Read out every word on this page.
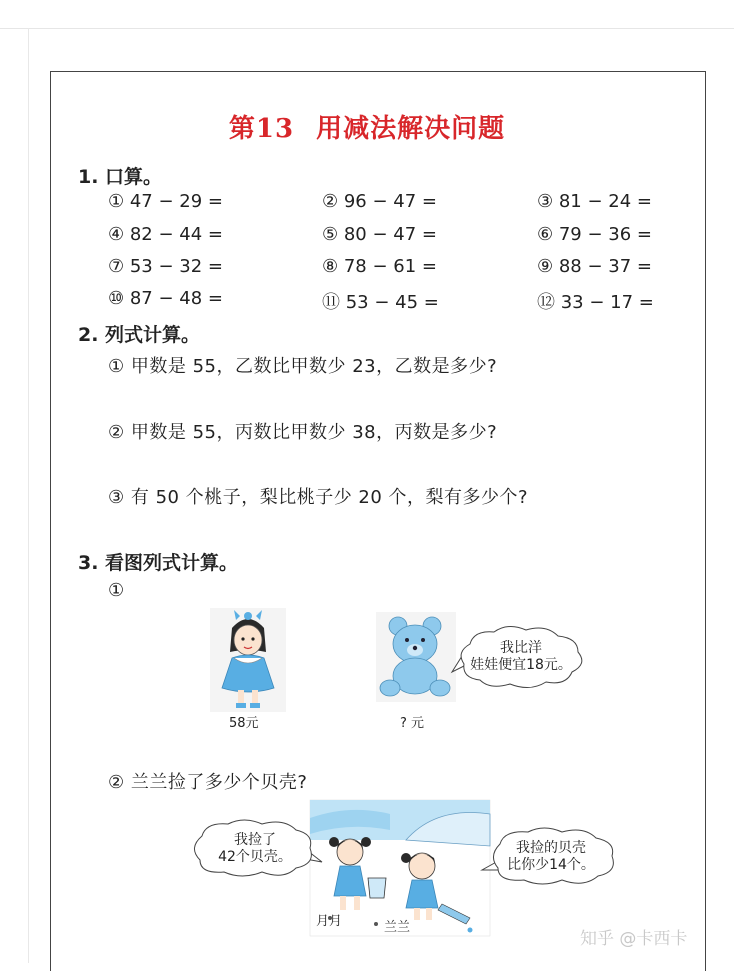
第13 用减法解决问题
1. 口算。
① 47 − 29 =	② 96 − 47 =	③ 81 − 24 =
④ 82 − 44 =	⑤ 80 − 47 =	⑥ 79 − 36 =
⑦ 53 − 32 =	⑧ 78 − 61 =	⑨ 88 − 37 =
⑩ 87 − 48 =	⑪ 53 − 45 =	⑫ 33 − 17 =
2. 列式计算。
① 甲数是 55，乙数比甲数少 23，乙数是多少?
② 甲数是 55，丙数比甲数少 38，丙数是多少?
③ 有 50 个桃子，梨比桃子少 20 个，梨有多少个?
3. 看图列式计算。
①
58元	? 元
我比洋
娃娃便宜18元。
② 兰兰捡了多少个贝壳?
月月	兰兰
我捡了
42个贝壳。
我捡的贝壳
比你少14个。
知乎 @卡西卡
